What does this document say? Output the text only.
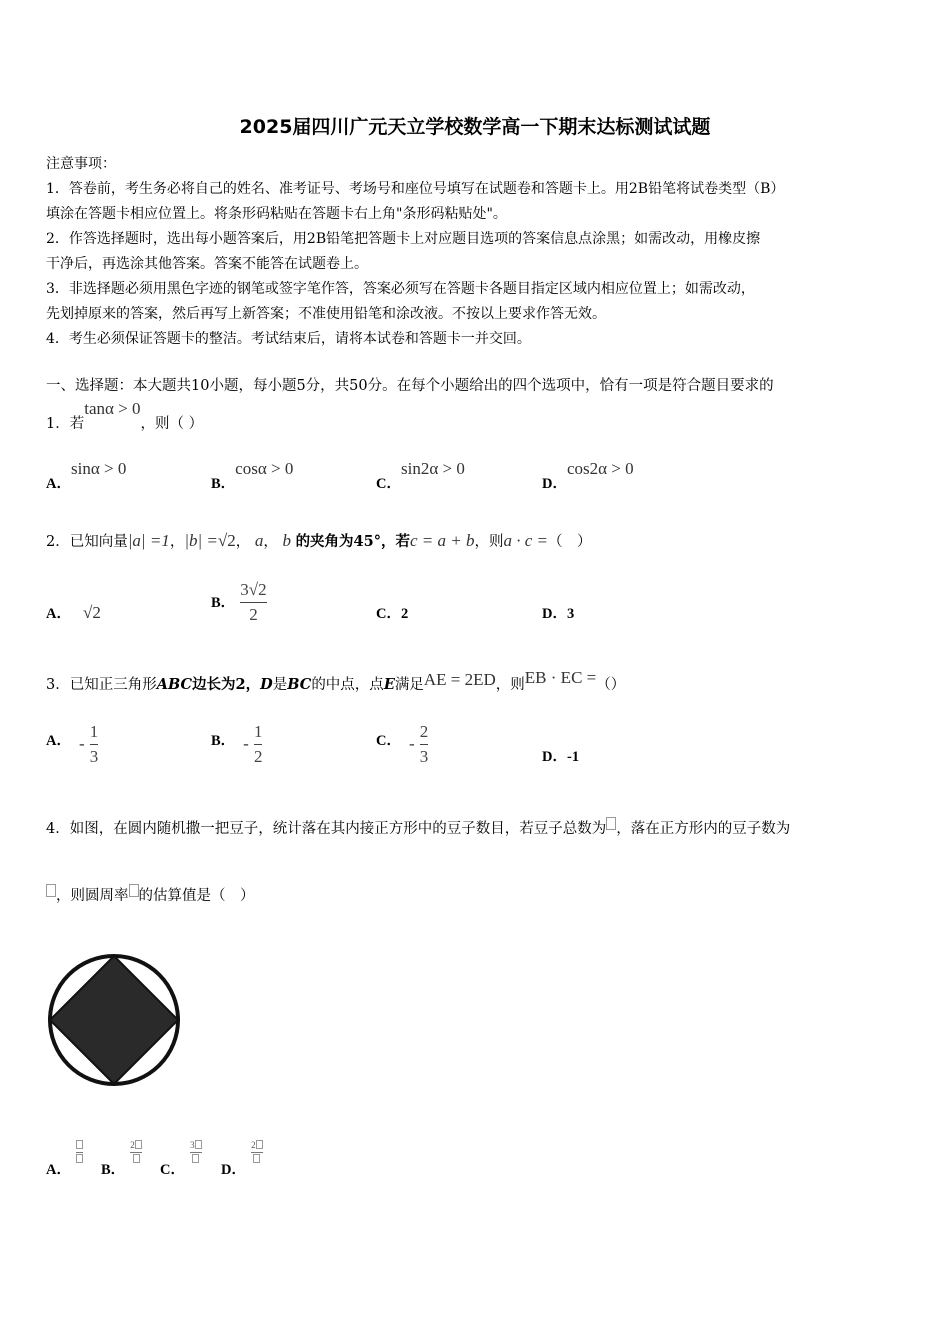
2025届四川广元天立学校数学高一下期末达标测试试题
注意事项：
1．答卷前，考生务必将自己的姓名、准考证号、考场号和座位号填写在试题卷和答题卡上。用2B铅笔将试卷类型（B）
填涂在答题卡相应位置上。将条形码粘贴在答题卡右上角"条形码粘贴处"。
2．作答选择题时，选出每小题答案后，用2B铅笔把答题卡上对应题目选项的答案信息点涂黑；如需改动，用橡皮擦
干净后，再选涂其他答案。答案不能答在试题卷上。
3．非选择题必须用黑色字迹的钢笔或签字笔作答，答案必须写在答题卡各题目指定区域内相应位置上；如需改动，
先划掉原来的答案，然后再写上新答案；不准使用铅笔和涂改液。不按以上要求作答无效。
4．考生必须保证答题卡的整洁。考试结束后，请将本试卷和答题卡一并交回。
一、选择题：本大题共10小题，每小题5分，共50分。在每个小题给出的四个选项中，恰有一项是符合题目要求的
1．若tanα > 0，则（ ）
A．sinα > 0
B．cosα > 0
C．sin2α > 0
D．cos2α > 0
2．已知向量|a| =1，|b| =√2， a， b 的夹角为45°，若c = a + b，则a · c =（　）
A． √2	B． $\frac{3√2}{2}$	C．2	D．3
3．已知正三角形ABC边长为2，D是BC的中点，点E满足AE = 2ED，则EB · EC =（）
A． - $\frac{1}{3}$	B． - $\frac{1}{2}$	C． - $\frac{2}{3}$	D．-1
4．如图，在圆内随机撒一把豆子，统计落在其内接正方形中的豆子数目，若豆子总数为 ，落在正方形内的豆子数为
，则圆周率 的估算值是（　）
A．	B．
2
C．
3
D．
2
